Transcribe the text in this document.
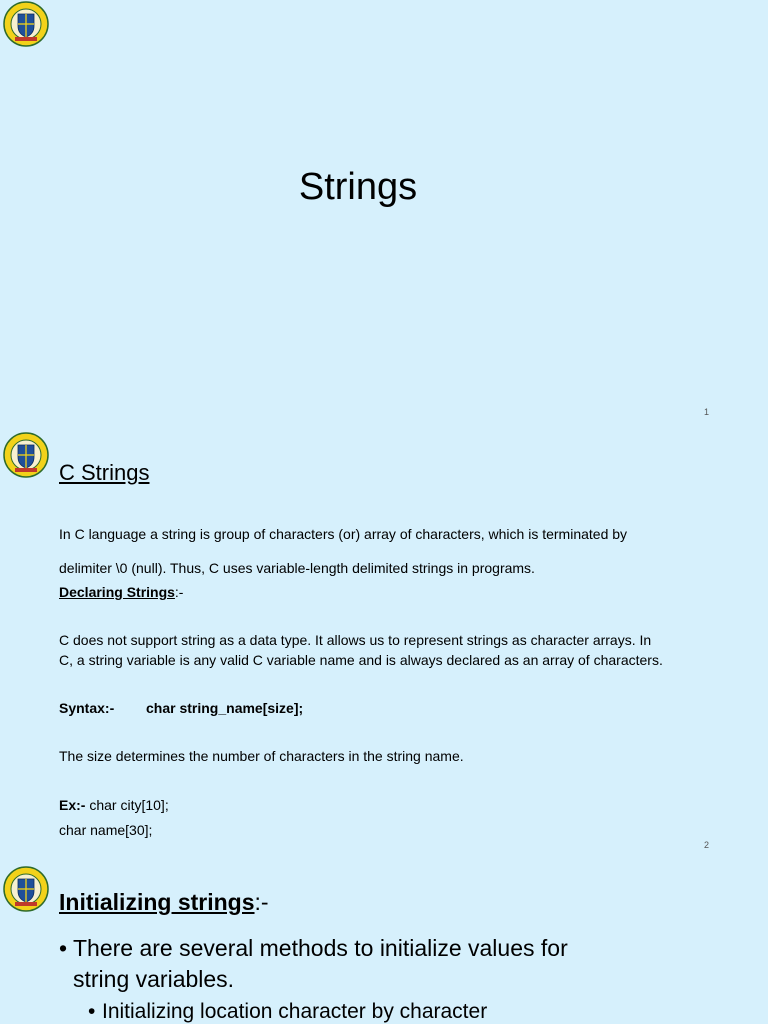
Strings
1
C Strings
In C language a string is group of characters (or) array of characters, which is terminated by
delimiter \0 (null). Thus, C uses variable-length delimited strings in programs.
Declaring Strings:-
C does not support string as a data type. It allows us to represent strings as character arrays. In
C, a string variable is any valid C variable name and is always declared as an array of characters.
Syntax:- char string_name[size];
The size determines the number of characters in the string name.
Ex:- char city[10];
char name[30];
2
Initializing strings:-
• There are several methods to initialize values for
string variables.
• Initializing location character by character
